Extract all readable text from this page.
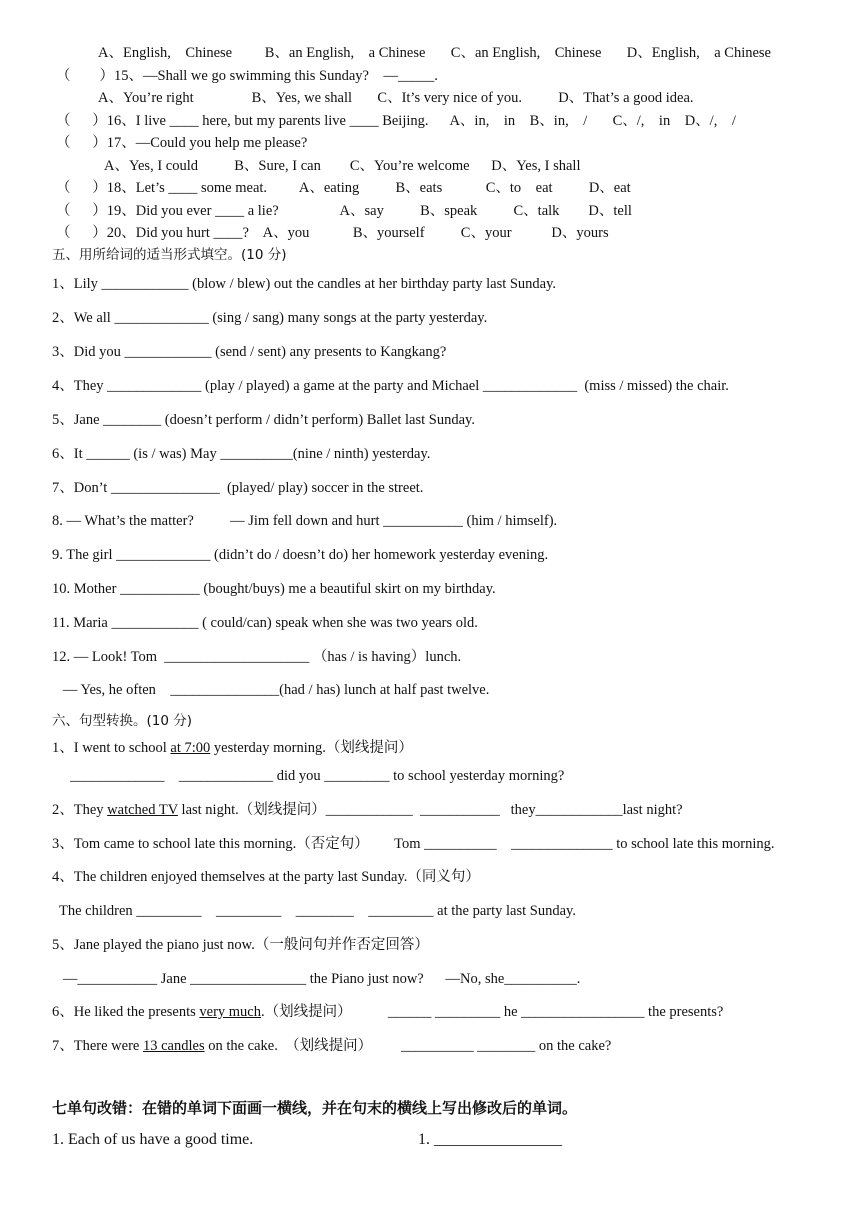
A、English,    Chinese         B、an English,    a Chinese       C、an English,    Chinese       D、English,    a Chinese
（        ）15、—Shall we go swimming this Sunday?    —_____.
A、You’re right                B、Yes, we shall       C、It’s very nice of you.          D、That’s a good idea.
（      ）16、I live ____ here, but my parents live ____ Beijing.      A、in,    in    B、in,    /       C、/,    in    D、/,    /
（      ）17、—Could you help me please?
A、Yes, I could          B、Sure, I can        C、You’re welcome      D、Yes, I shall
（      ）18、Let’s ____ some meat.         A、eating          B、eats            C、to    eat          D、eat
（      ）19、Did you ever ____ a lie?                 A、say          B、speak          C、talk        D、tell
（      ）20、Did you hurt ____?    A、you            B、yourself          C、your           D、yours
五、用所给词的适当形式填空。(10 分)
1、Lily ____________ (blow / blew) out the candles at her birthday party last Sunday.
2、We all _____________ (sing / sang) many songs at the party yesterday.
3、Did you ____________ (send / sent) any presents to Kangkang?
4、They _____________ (play / played) a game at the party and Michael _____________  (miss / missed) the chair.
5、Jane ________ (doesn’t perform / didn’t perform) Ballet last Sunday.
6、It ______ (is / was) May __________(nine / ninth) yesterday.
7、Don’t _______________  (played/ play) soccer in the street.
8. — What’s the matter?          — Jim fell down and hurt ___________ (him / himself).
9. The girl _____________ (didn’t do / doesn’t do) her homework yesterday evening.
10. Mother ___________ (bought/buys) me a beautiful skirt on my birthday.
11. Maria ____________ ( could/can) speak when she was two years old.
12. — Look! Tom  ____________________ （has / is having）lunch.
— Yes, he often    _______________(had / has) lunch at half past twelve.
六、句型转换。(10 分)
1、I went to school at 7:00 yesterday morning.（划线提问）
_____________    _____________ did you _________ to school yesterday morning?
2、They watched TV last night.（划线提问）____________  ___________   they____________last night?
3、Tom came to school late this morning.（否定句）       Tom __________    ______________ to school late this morning.
4、The children enjoyed themselves at the party last Sunday.（同义句）
The children _________    _________    ________    _________ at the party last Sunday.
5、Jane played the piano just now.（一般问句并作否定回答）
—___________ Jane ________________ the Piano just now?      —No, she__________.
6、He liked the presents very much.（划线提问）          ______ _________ he _________________ the presents?
7、There were 13 candles on the cake.  （划线提问）        __________ ________ on the cake?
七单句改错：在错的单词下面画一横线，并在句末的横线上写出修改后的单词。
1. Each of us have a good time.	1. ________________
